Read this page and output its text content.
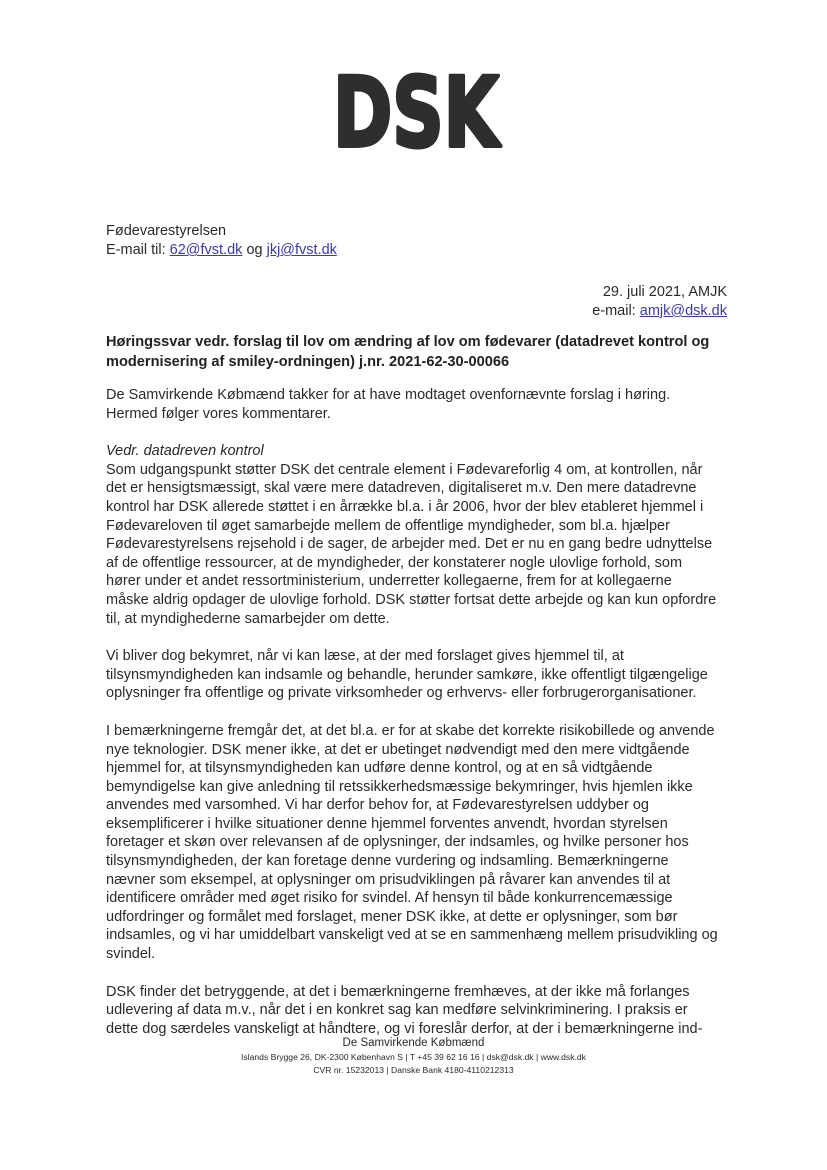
DSK
Fødevarestyrelsen
E-mail til: 62@fvst.dk og jkj@fvst.dk
29. juli 2021, AMJK
e-mail: amjk@dsk.dk
Høringssvar vedr. forslag til lov om ændring af lov om fødevarer (datadrevet kontrol og modernisering af smiley-ordningen) j.nr. 2021-62-30-00066

De Samvirkende Købmænd takker for at have modtaget ovenfornævnte forslag i høring. Hermed følger vores kommentarer.

Vedr. datadreven kontrol

Som udgangspunkt støtter DSK det centrale element i Fødevareforlig 4 om, at kontrollen, når det er hensigtsmæssigt, skal være mere datadreven, digitaliseret m.v. Den mere datadrevne kontrol har DSK allerede støttet i en årrække bl.a. i år 2006, hvor der blev etableret hjemmel i Fødevareloven til øget samarbejde mellem de offentlige myndigheder, som bl.a. hjælper Fødevarestyrelsens rejsehold i de sager, de arbejder med. Det er nu en gang bedre udnyttelse af de offentlige ressourcer, at de myndigheder, der konstaterer nogle ulovlige forhold, som hører under et andet ressortministerium, underretter kollegaerne, frem for at kollegaerne måske aldrig opdager de ulovlige forhold. DSK støtter fortsat dette arbejde og kan kun opfordre til, at myndighederne samarbejder om dette.

Vi bliver dog bekymret, når vi kan læse, at der med forslaget gives hjemmel til, at tilsynsmyndigheden kan indsamle og behandle, herunder samkøre, ikke offentligt tilgængelige oplysninger fra offentlige og private virksomheder og erhvervs- eller forbrugerorganisationer.

I bemærkningerne fremgår det, at det bl.a. er for at skabe det korrekte risikobillede og anvende nye teknologier. DSK mener ikke, at det er ubetinget nødvendigt med den mere vidtgående hjemmel for, at tilsynsmyndigheden kan udføre denne kontrol, og at en så vidtgående bemyndigelse kan give anledning til retssikkerhedsmæssige bekymringer, hvis hjemlen ikke anvendes med varsomhed. Vi har derfor behov for, at Fødevarestyrelsen uddyber og eksemplificerer i hvilke situationer denne hjemmel forventes anvendt, hvordan styrelsen foretager et skøn over relevansen af de oplysninger, der indsamles, og hvilke personer hos tilsynsmyndigheden, der kan foretage denne vurdering og indsamling. Bemærkningerne nævner som eksempel, at oplysninger om prisudviklingen på råvarer kan anvendes til at identificere områder med øget risiko for svindel. Af hensyn til både konkurrencemæssige udfordringer og formålet med forslaget, mener DSK ikke, at dette er oplysninger, som bør indsamles, og vi har umiddelbart vanskeligt ved at se en sammenhæng mellem prisudvikling og svindel.

DSK finder det betryggende, at det i bemærkningerne fremhæves, at der ikke må forlanges udlevering af data m.v., når det i en konkret sag kan medføre selvinkriminering. I praksis er dette dog særdeles vanskeligt at håndtere, og vi foreslår derfor, at der i bemærkningerne ind-

De Samvirkende Købmænd
Islands Brygge 26, DK-2300 København S | T +45 39 62 16 16 | dsk@dsk.dk | www.dsk.dk
CVR nr. 15232013 | Danske Bank 4180-4110212313
